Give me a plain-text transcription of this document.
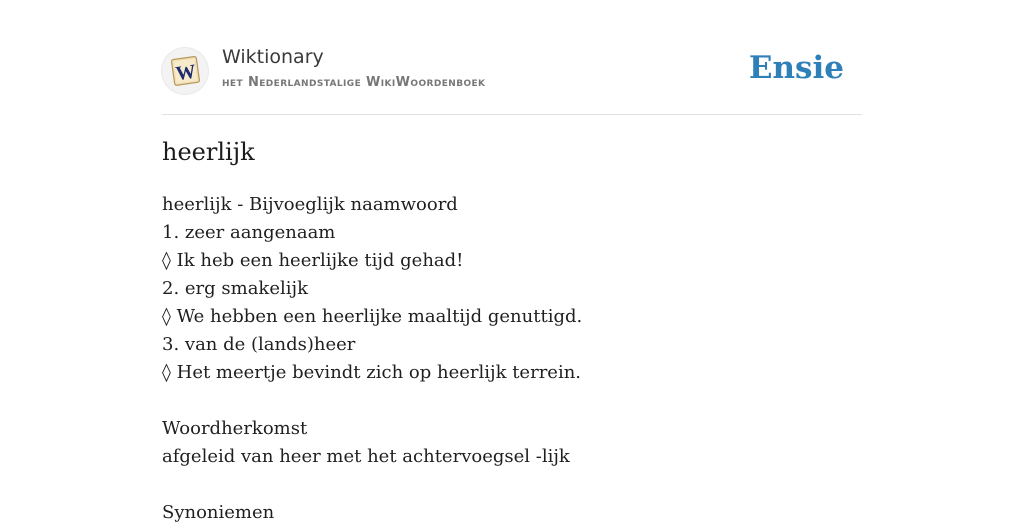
W
Wiktionary
het Nederlandstalige WikiWoordenboek	Ensie
heerlijk
heerlijk - Bijvoeglijk naamwoord
1. zeer aangenaam
◊ Ik heb een heerlijke tijd gehad!
2. erg smakelijk
◊ We hebben een heerlijke maaltijd genuttigd.
3. van de (lands)heer
◊ Het meertje bevindt zich op heerlijk terrein.
Woordherkomst
afgeleid van heer met het achtervoegsel -lijk
Synoniemen
